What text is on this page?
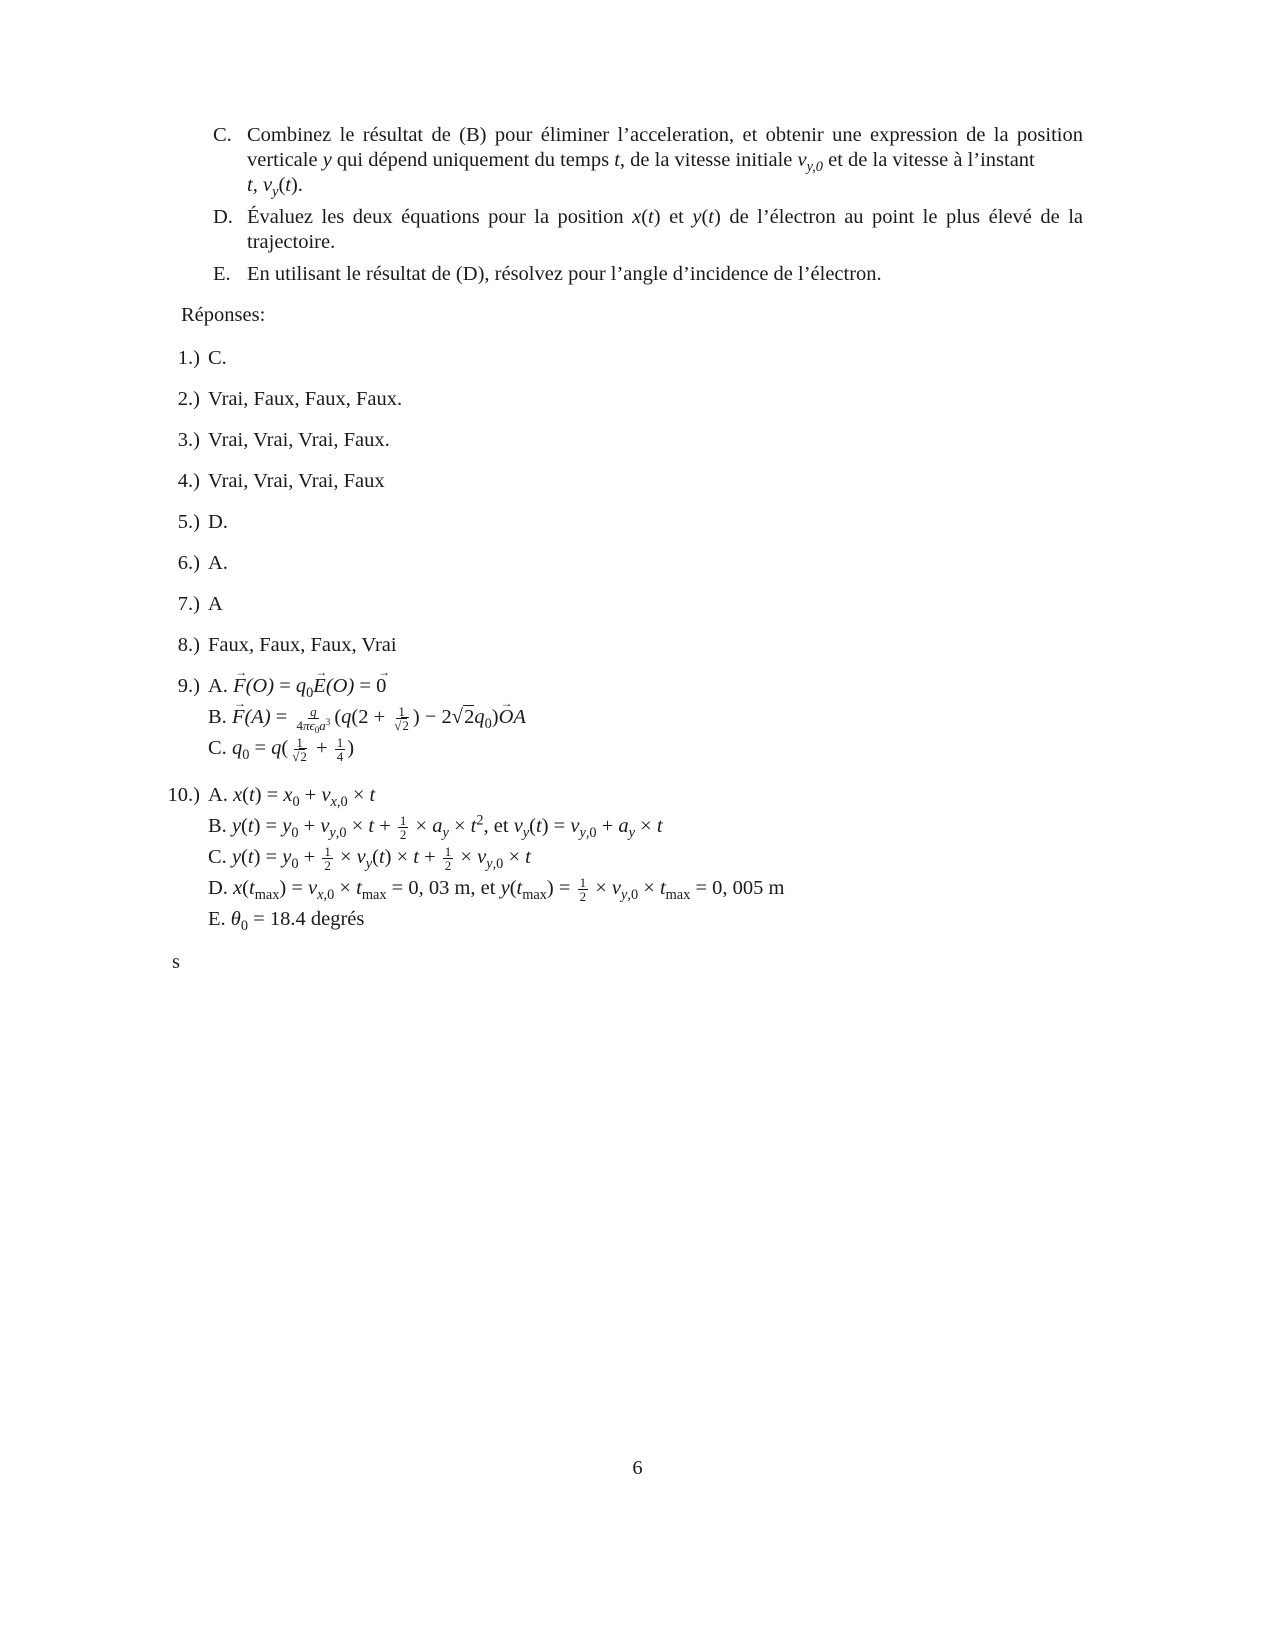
C. Combinez le résultat de (B) pour éliminer l’acceleration, et obtenir une expression de la position verticale y qui dépend uniquement du temps t, de la vitesse initiale $v_{y,0}$ et de la vitesse à l’instant
t, $v_y(t)$.
D. Évaluez les deux équations pour la position x(t) et y(t) de l’électron au point le plus élevé de la trajectoire.
E. En utilisant le résultat de (D), résolvez pour l’angle d’incidence de l’électron.
Réponses:
1.) C.
2.) Vrai, Faux, Faux, Faux.
3.) Vrai, Vrai, Vrai, Faux.
4.) Vrai, Vrai, Vrai, Faux
5.) D.
6.) A.
7.) A
8.) Faux, Faux, Faux, Vrai
9.) A. → $F(O) = q_0\to E(O)$ = → 0
B. → $F(A) = \frac{q}{4\pi\epsilon_0a^3} (q(2 + \frac{1}{√2}$ ) − $2√2q_0)\to$ OA
C. $q_0 = q( \frac{1}{√2} + \frac{1}{4}$ )
10.) A. $x(t) = x_0 + v_{x,0} \times t$
B. $y(t) = y_0 + v_{y,0} \times t + \frac{1}{2} \times a_y \times t^2$, et $v_y(t) = v_{y,0} + a_y \times t$
C. $y(t) = y_0 + \frac{1}{2} \times v_y(t) \times t + \frac{1}{2} \times v_{y,0} \times t$
D. $x(t_{max}) = v_{x,0} \times t_{max} = 0$, 03 m, et $y(t_{max}) = \frac{1}{2} \times v_{y,0} \times t_{max} = 0$, 005 m
E. $\theta_0 = 18.4$ degrés
s
6
